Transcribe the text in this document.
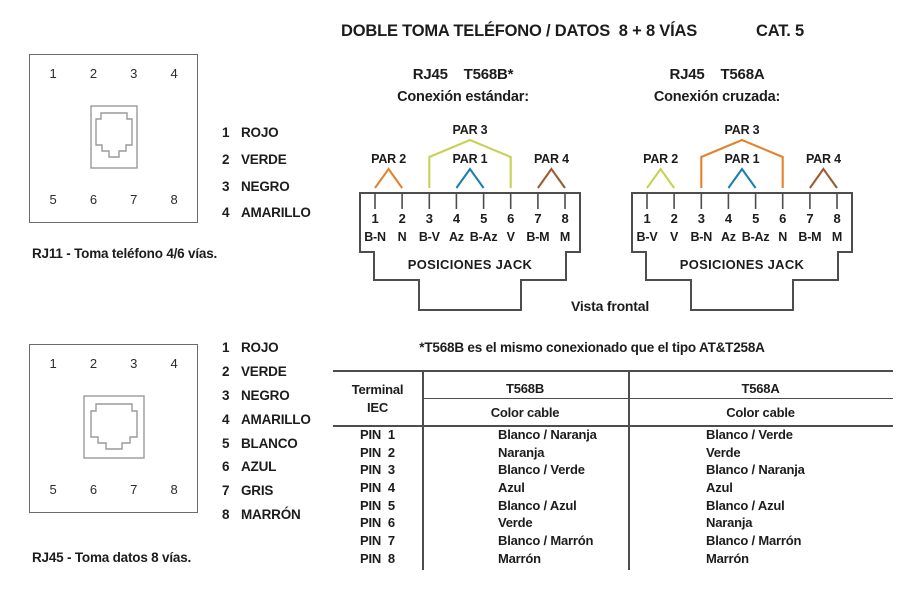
DOBLE TOMA TELÉFONO / DATOS  8 + 8 VÍAS	CAT. 5
1	2	3	4
5	6	7	8
1 ROJO
2 VERDE
3 NEGRO
4 AMARILLO
RJ11 - Toma teléfono 4/6 vías.
1	2	3	4
5	6	7	8
1 ROJO
2 VERDE
3 NEGRO
4 AMARILLO
5 BLANCO
6 AZUL
7 GRIS
8 MARRÓN
RJ45 - Toma datos 8 vías.
RJ45    T568B*
Conexión estándar:
RJ45    T568A
Conexión cruzada:
PAR 3
PAR 2	PAR 1	PAR 4
1 2 3 4 5 6 7 8
B-N N B-V Az B-Az V B-M M
POSICIONES JACK
PAR 3
PAR 2	PAR 1	PAR 4
1 2 3 4 5 6 7 8
B-V V B-N Az B-Az N B-M M
POSICIONES JACK
Vista frontal
*T568B es el mismo conexionado que el tipo AT&T258A
Terminal
IEC
T568B	T568A
Color cable	Color cable
PIN  1	Blanco / Naranja	Blanco / Verde
PIN  2	Naranja	Verde
PIN  3	Blanco / Verde	Blanco / Naranja
PIN  4	Azul	Azul
PIN  5	Blanco / Azul	Blanco / Azul
PIN  6	Verde	Naranja
PIN  7	Blanco / Marrón	Blanco / Marrón
PIN  8	Marrón	Marrón
